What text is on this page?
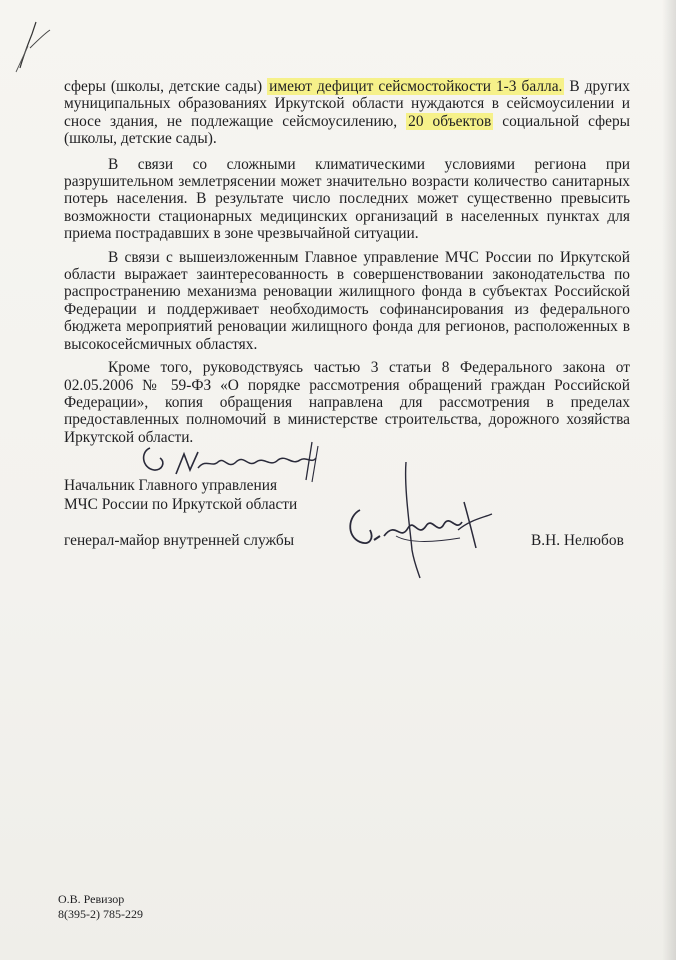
сферы (школы, детские сады) имеют дефицит сейсмостойкости 1-3 балла. В других муниципальных образованиях Иркутской области нуждаются в сейсмоусилении и сносе здания, не подлежащие сейсмоусилению, 20 объектов социальной сферы (школы, детские сады).

В связи со сложными климатическими условиями региона при разрушительном землетрясении может значительно возрасти количество санитарных потерь населения. В результате число последних может существенно превысить возможности стационарных медицинских организаций в населенных пунктах для приема пострадавших в зоне чрезвычайной ситуации.

В связи с вышеизложенным Главное управление МЧС России по Иркутской области выражает заинтересованность в совершенствовании законодательства по распространению механизма реновации жилищного фонда в субъектах Российской Федерации и поддерживает необходимость софинансирования из федерального бюджета мероприятий реновации жилищного фонда для регионов, расположенных в высокосейсмичных областях.

Кроме того, руководствуясь частью 3 статьи 8 Федерального закона от 02.05.2006 № 59-ФЗ «О порядке рассмотрения обращений граждан Российской Федерации», копия обращения направлена для рассмотрения в пределах предоставленных полномочий в министерстве строительства, дорожного хозяйства Иркутской области.

Начальник Главного управления
МЧС России по Иркутской области
генерал-майор внутренней службы	В.Н. Нелюбов
О.В. Ревизор
8(395-2) 785-229
